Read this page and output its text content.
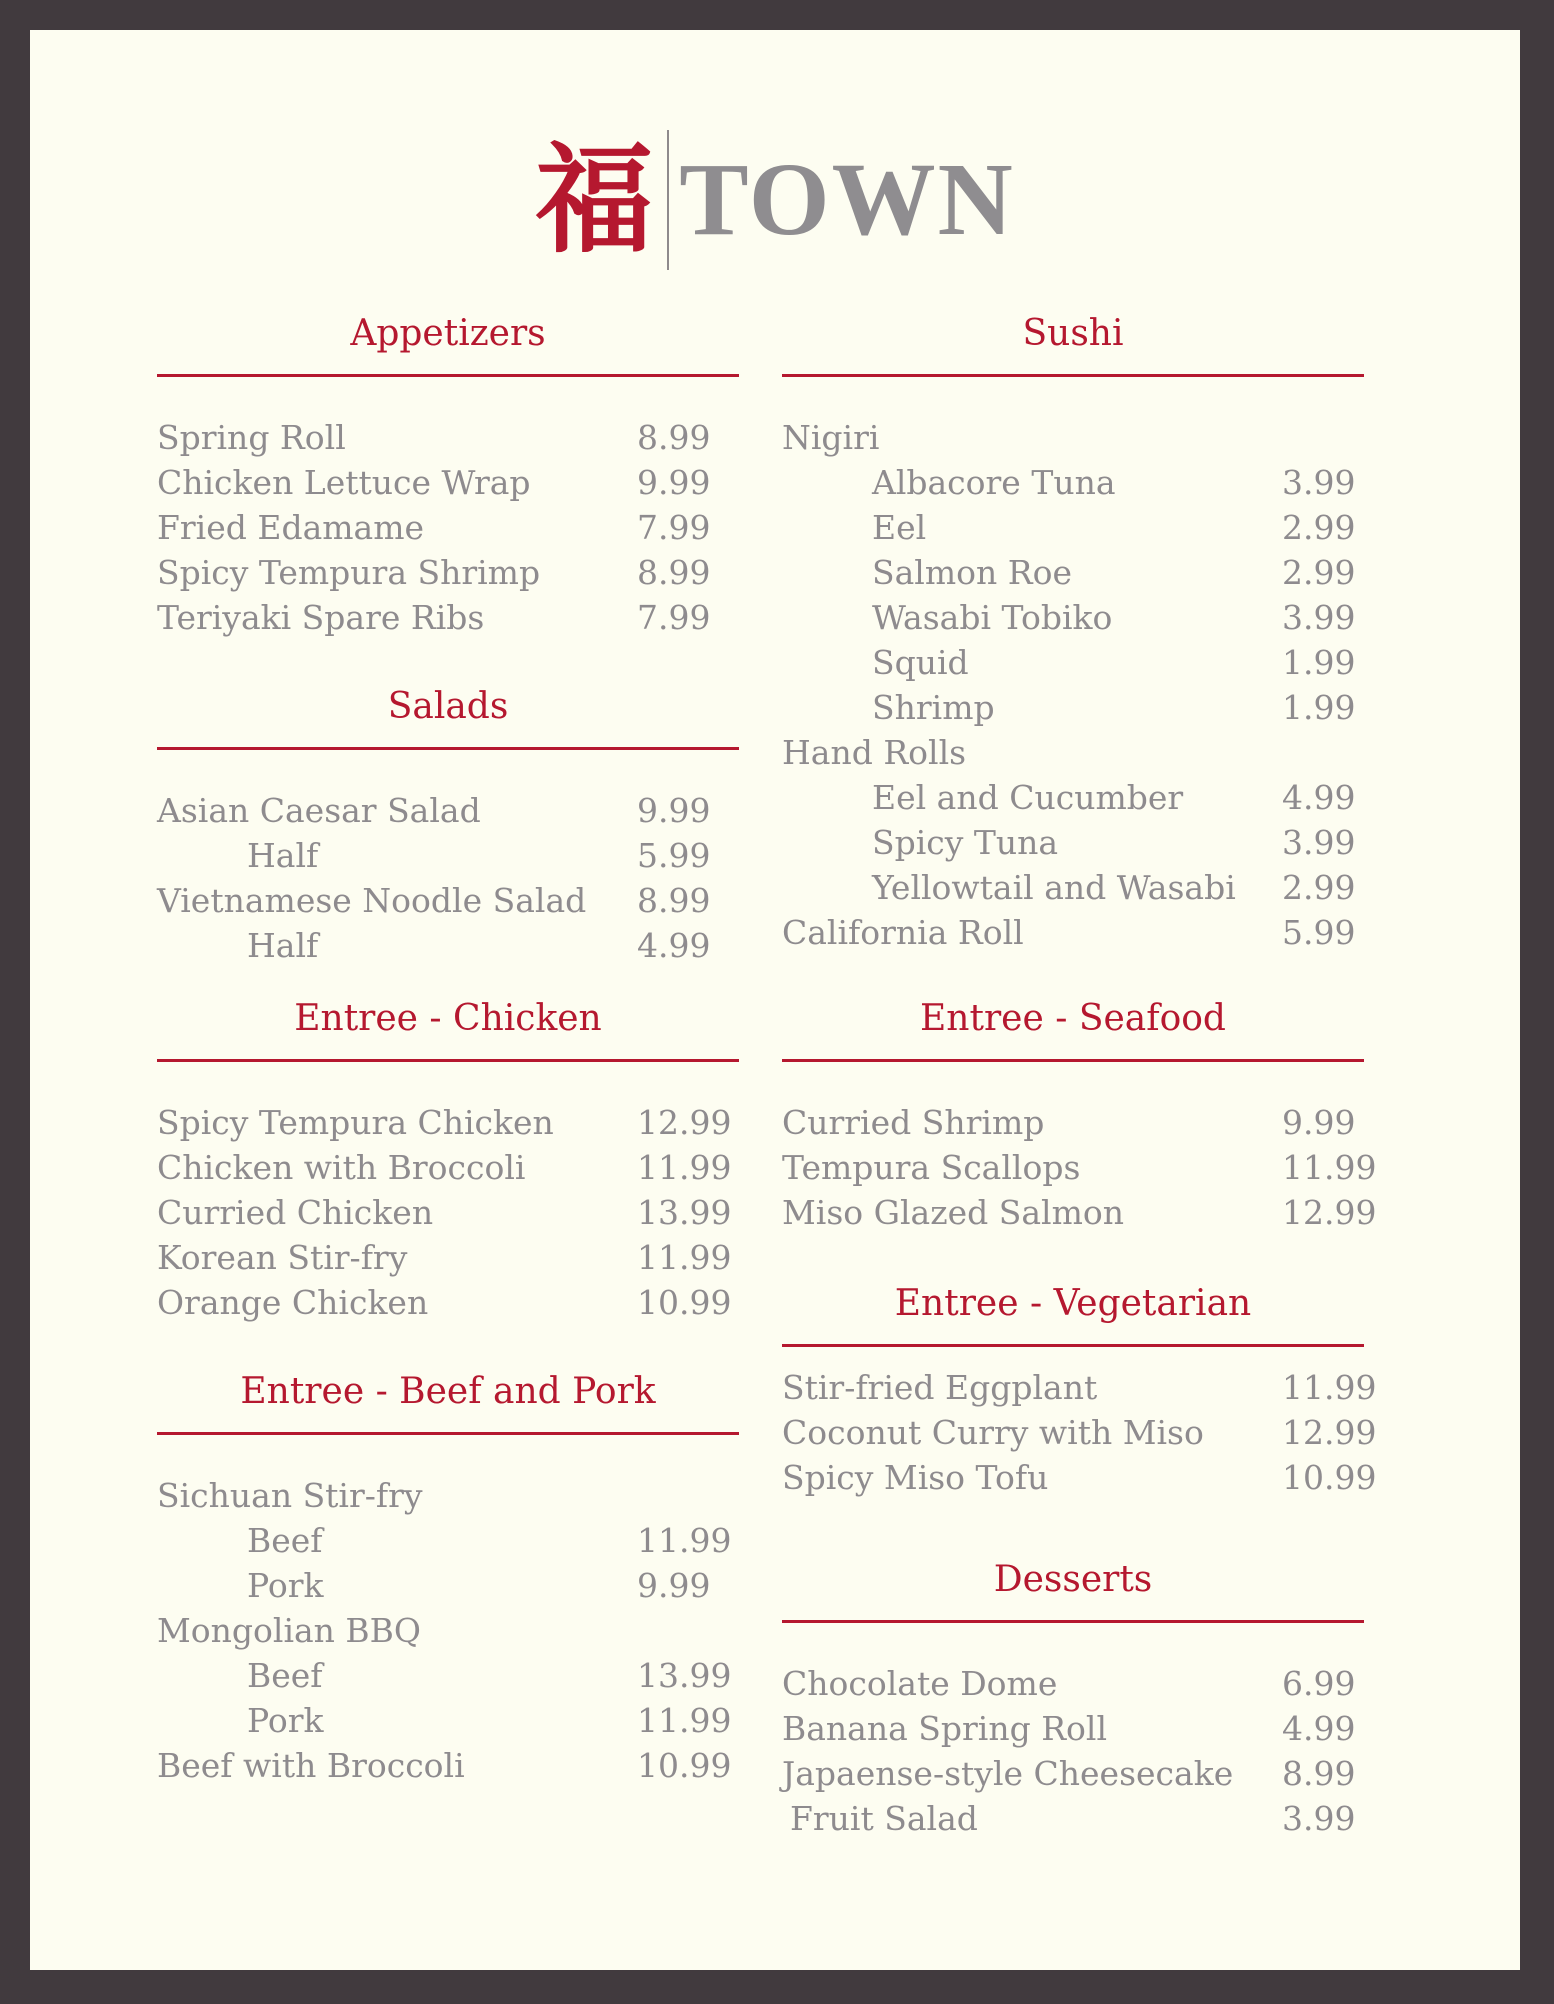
福 TOWN
Appetizers
Spring Roll	8.99
Chicken Lettuce Wrap	9.99
Fried Edamame	7.99
Spicy Tempura Shrimp	8.99
Teriyaki Spare Ribs	7.99
Salads
Asian Caesar Salad	9.99
Half	5.99
Vietnamese Noodle Salad 8.99
Half	4.99
Entree - Chicken
Spicy Tempura Chicken	12.99
Chicken with Broccoli	11.99
Curried Chicken	13.99
Korean Stir-fry	11.99
Orange Chicken	10.99
Entree - Beef and Pork
Sichuan Stir-fry
Beef	11.99
Pork	9.99
Mongolian BBQ
Beef	13.99
Pork	11.99
Beef with Broccoli	10.99
Sushi
Nigiri
Albacore Tuna	3.99
Eel	2.99
Salmon Roe	2.99
Wasabi Tobiko	3.99
Squid	1.99
Shrimp	1.99
Hand Rolls
Eel and Cucumber	4.99
Spicy Tuna	3.99
Yellowtail and Wasabi 2.99
California Roll	5.99
Entree - Seafood
Curried Shrimp	9.99
Tempura Scallops	11.99
Miso Glazed Salmon	12.99
Entree - Vegetarian
Stir-fried Eggplant	11.99
Coconut Curry with Miso 12.99
Spicy Miso Tofu	10.99
Desserts
Chocolate Dome	6.99
Banana Spring Roll	4.99
Japaense-style Cheesecake 8.99
Fruit Salad	3.99
